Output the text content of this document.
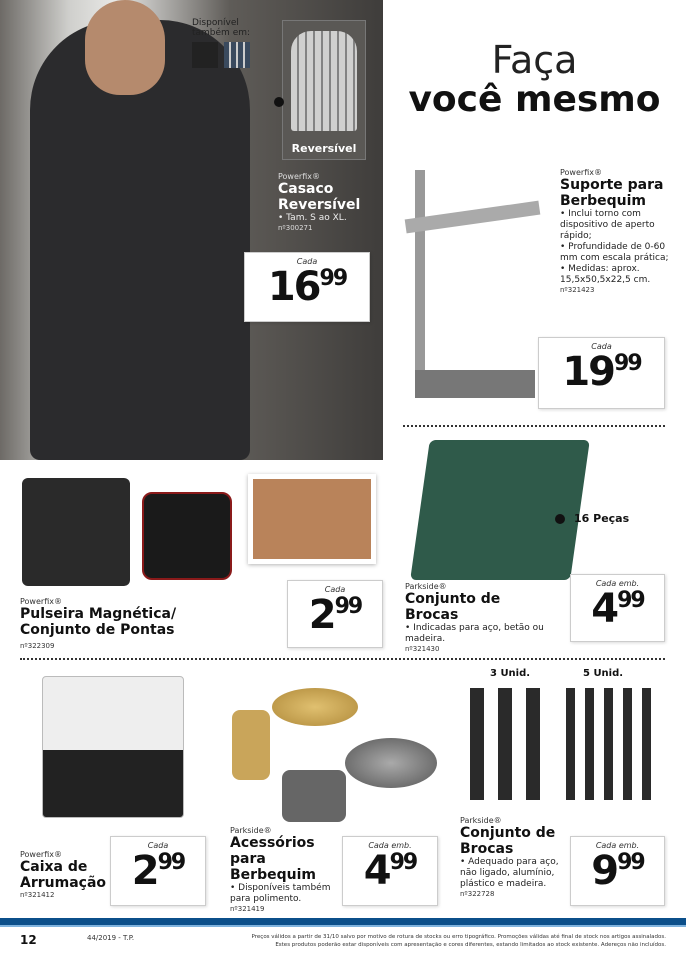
Disponível também em:
Reversível
Powerfix®
Casaco Reversível
• Tam. S ao XL.
nº300271
Cada
$16^{99}$
Faça
você mesmo
Powerfix®
Suporte para Berbequim
• Inclui torno com dispositivo de aperto rápido;
• Profundidade de 0-60 mm com escala prática;
• Medidas: aprox. 15,5x50,5x22,5 cm.
nº321423
Cada
$19^{99}$
Powerfix®
Pulseira Magnética/ Conjunto de Pontas
nº322309
Cada
$2^{99}$
16 Peças
Parkside®
Conjunto de Brocas
• Indicadas para aço, betão ou madeira.
nº321430
Cada emb.
$4^{99}$
Powerfix®
Caixa de Arrumação
nº321412
Cada
$2^{99}$
Parkside®
Acessórios para Berbequim
• Disponíveis também para polimento.
nº321419
Cada emb.
$4^{99}$
3 Unid.	5 Unid.
Parkside®
Conjunto de Brocas
• Adequado para aço, não ligado, alumínio, plástico e madeira.
nº322728
Cada emb.
$9^{99}$
12	44/2019 - T.P.	Preços válidos a partir de 31/10 salvo por motivo de rotura de stocks ou erro tipográfico. Promoções válidas até final de stock nos artigos assinalados.
Estes produtos poderão estar disponíveis com apresentação e cores diferentes, estando limitados ao stock existente. Adereços não incluídos.
